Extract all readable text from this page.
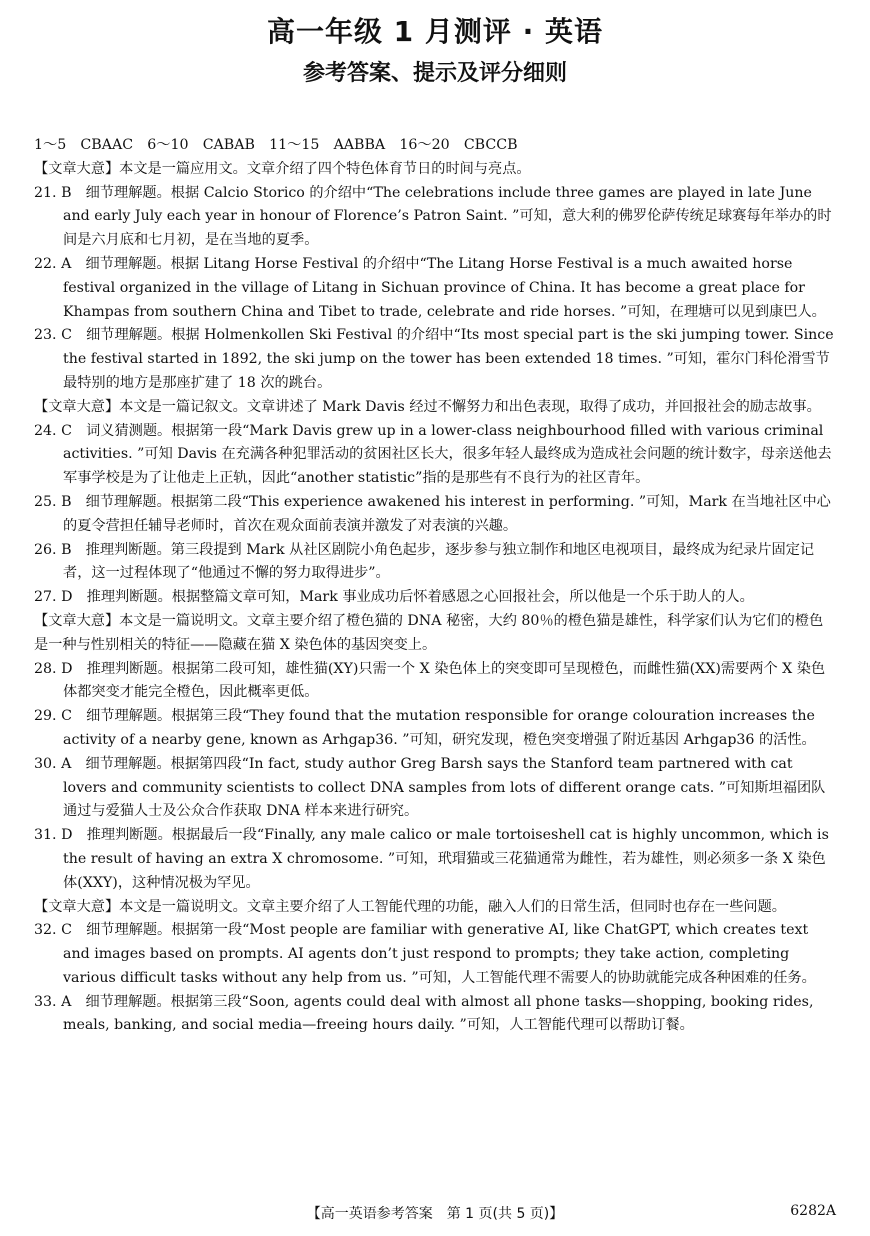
高一年级 1 月测评 · 英语
参考答案、提示及评分细则

1～5　CBAAC　6～10　CABAB　11～15　AABBA　16～20　CBCCB

【文章大意】本文是一篇应用文。文章介绍了四个特色体育节日的时间与亮点。

21. B　细节理解题。根据 Calcio Storico 的介绍中“The celebrations include three games are played in late June and early July each year in honour of Florence’s Patron Saint. ”可知，意大利的佛罗伦萨传统足球赛每年举办的时间是六月底和七月初，是在当地的夏季。

22. A　细节理解题。根据 Litang Horse Festival 的介绍中“The Litang Horse Festival is a much awaited horse festival organized in the village of Litang in Sichuan province of China. It has become a great place for Khampas from southern China and Tibet to trade, celebrate and ride horses. ”可知，在理塘可以见到康巴人。

23. C　细节理解题。根据 Holmenkollen Ski Festival 的介绍中“Its most special part is the ski jumping tower. Since the festival started in 1892, the ski jump on the tower has been extended 18 times. ”可知，霍尔门科伦滑雪节最特别的地方是那座扩建了 18 次的跳台。

【文章大意】本文是一篇记叙文。文章讲述了 Mark Davis 经过不懈努力和出色表现，取得了成功，并回报社会的励志故事。

24. C　词义猜测题。根据第一段“Mark Davis grew up in a lower-class neighbourhood filled with various criminal activities. ”可知 Davis 在充满各种犯罪活动的贫困社区长大，很多年轻人最终成为造成社会问题的统计数字，母亲送他去军事学校是为了让他走上正轨，因此“another statistic”指的是那些有不良行为的社区青年。

25. B　细节理解题。根据第二段“This experience awakened his interest in performing. ”可知，Mark 在当地社区中心的夏令营担任辅导老师时，首次在观众面前表演并激发了对表演的兴趣。

26. B　推理判断题。第三段提到 Mark 从社区剧院小角色起步，逐步参与独立制作和地区电视项目，最终成为纪录片固定记者，这一过程体现了“他通过不懈的努力取得进步”。

27. D　推理判断题。根据整篇文章可知，Mark 事业成功后怀着感恩之心回报社会，所以他是一个乐于助人的人。

【文章大意】本文是一篇说明文。文章主要介绍了橙色猫的 DNA 秘密，大约 80％的橙色猫是雄性，科学家们认为它们的橙色是一种与性别相关的特征——隐藏在猫 X 染色体的基因突变上。

28. D　推理判断题。根据第二段可知，雄性猫(XY)只需一个 X 染色体上的突变即可呈现橙色，而雌性猫(XX)需要两个 X 染色体都突变才能完全橙色，因此概率更低。

29. C　细节理解题。根据第三段“They found that the mutation responsible for orange colouration increases the activity of a nearby gene, known as Arhgap36. ”可知，研究发现，橙色突变增强了附近基因 Arhgap36 的活性。

30. A　细节理解题。根据第四段“In fact, study author Greg Barsh says the Stanford team partnered with cat lovers and community scientists to collect DNA samples from lots of different orange cats. ”可知斯坦福团队通过与爱猫人士及公众合作获取 DNA 样本来进行研究。

31. D　推理判断题。根据最后一段“Finally, any male calico or male tortoiseshell cat is highly uncommon, which is the result of having an extra X chromosome. ”可知，玳瑁猫或三花猫通常为雌性，若为雄性，则必须多一条 X 染色体(XXY)，这种情况极为罕见。

【文章大意】本文是一篇说明文。文章主要介绍了人工智能代理的功能，融入人们的日常生活，但同时也存在一些问题。

32. C　细节理解题。根据第一段“Most people are familiar with generative AI, like ChatGPT, which creates text and images based on prompts. AI agents don’t just respond to prompts; they take action, completing various difficult tasks without any help from us. ”可知，人工智能代理不需要人的协助就能完成各种困难的任务。

33. A　细节理解题。根据第三段“Soon, agents could deal with almost all phone tasks—shopping, booking rides, meals, banking, and social media—freeing hours daily. ”可知，人工智能代理可以帮助订餐。

【高一英语参考答案　第 1 页(共 5 页)】	6282A
